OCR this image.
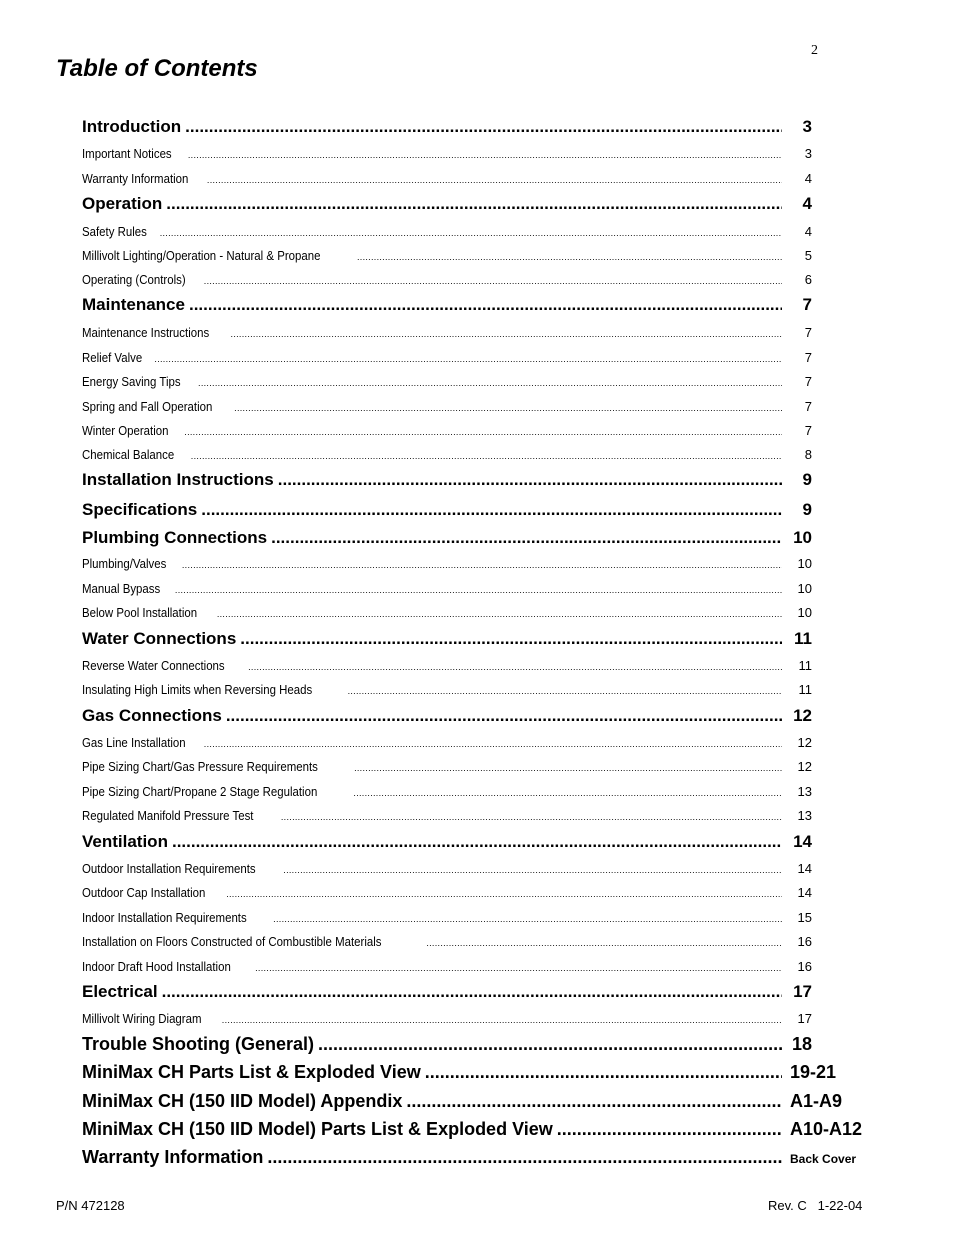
2
Table of Contents
Introduction .....	3
Important Notices .....	3
Warranty Information .....	4
Operation .....	4
Safety Rules .....	4
Millivolt Lighting/Operation - Natural & Propane .....	5
Operating (Controls) .....	6
Maintenance .....	7
Maintenance Instructions .....	7
Relief Valve .....	7
Energy Saving Tips .....	7
Spring and Fall Operation .....	7
Winter Operation .....	7
Chemical Balance .....	8
Installation Instructions .....	9
Specifications .....	9
Plumbing Connections .....	10
Plumbing/Valves .....	10
Manual Bypass .....	10
Below Pool Installation .....	10
Water Connections .....	11
Reverse Water Connections .....	11
Insulating High Limits when Reversing Heads .....	11
Gas Connections .....	12
Gas Line Installation .....	12
Pipe Sizing Chart/Gas Pressure Requirements .....	12
Pipe Sizing Chart/Propane 2 Stage Regulation .....	13
Regulated Manifold Pressure Test .....	13
Ventilation .....	14
Outdoor Installation Requirements .....	14
Outdoor Cap Installation .....	14
Indoor Installation Requirements .....	15
Installation on Floors Constructed of Combustible Materials .....	16
Indoor Draft Hood Installation .....	16
Electrical .....	17
Millivolt Wiring Diagram .....	17
Trouble Shooting (General) .....	18
MiniMax CH Parts List & Exploded View .....	19-21
MiniMax CH (150 IID Model) Appendix .....	A1-A9
MiniMax CH (150 IID Model) Parts List & Exploded View .....	A10-A12
Warranty Information .....	Back Cover
P/N 472128	Rev. C   1-22-04
